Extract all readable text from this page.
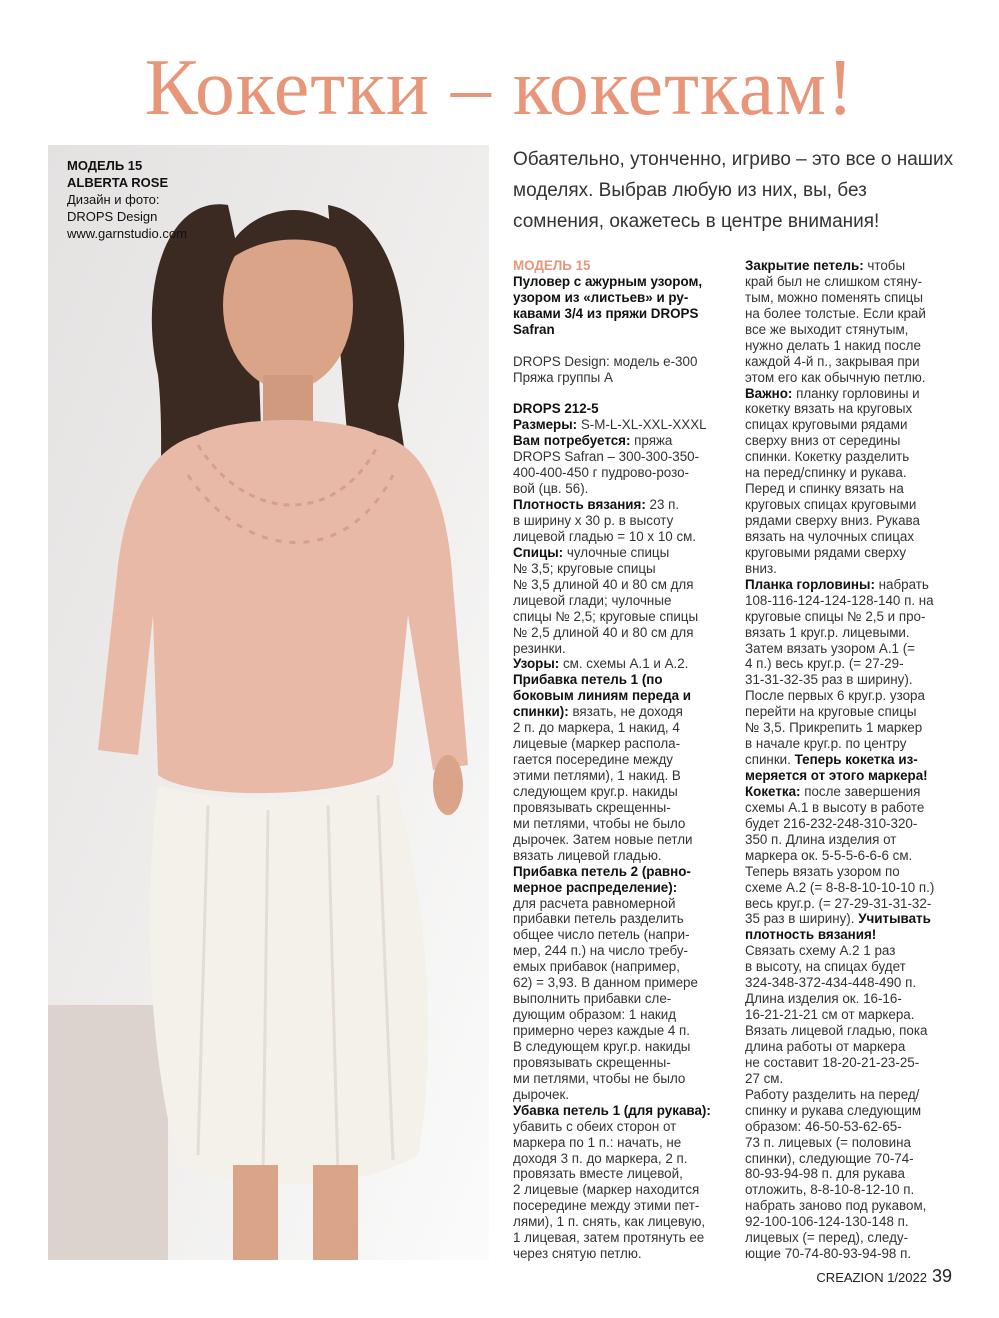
Кокетки – кокеткам!
МОДЕЛЬ 15
ALBERTA ROSE
Дизайн и фото:
DROPS Design
www.garnstudio.com
Обаятельно, утонченно, игриво – это все о наших моделях. Выбрав любую из них, вы, без сомнения, окажетесь в центре внимания!
МОДЕЛЬ 15
Пуловер с ажурным узором,
узором из «листьев» и ру-
кавами 3/4 из пряжи DROPS
Safran
DROPS Design: модель е-300
Пряжа группы А
DROPS 212-5
Размеры: S-M-L-XL-XXL-XXXL
Вам потребуется: пряжа
DROPS Safran – 300-300-350-
400-400-450 г пудрово-розо-
вой (цв. 56).
Плотность вязания: 23 п.
в ширину х 30 р. в высоту
лицевой гладью = 10 х 10 см.
Спицы: чулочные спицы
№ 3,5; круговые спицы
№ 3,5 длиной 40 и 80 см для
лицевой глади; чулочные
спицы № 2,5; круговые спицы
№ 2,5 длиной 40 и 80 см для
резинки.
Узоры: см. схемы А.1 и А.2.
Прибавка петель 1 (по
боковым линиям переда и
спинки): вязать, не доходя
2 п. до маркера, 1 накид, 4
лицевые (маркер распола-
гается посередине между
этими петлями), 1 накид. В
следующем круг.р. накиды
провязывать скрещенны-
ми петлями, чтобы не было
дырочек. Затем новые петли
вязать лицевой гладью.
Прибавка петель 2 (равно-
мерное распределение):
для расчета равномерной
прибавки петель разделить
общее число петель (напри-
мер, 244 п.) на число требу-
емых прибавок (например,
62) = 3,93. В данном примере
выполнить прибавки сле-
дующим образом: 1 накид
примерно через каждые 4 п.
В следующем круг.р. накиды
провязывать скрещенны-
ми петлями, чтобы не было
дырочек.
Убавка петель 1 (для рукава):
убавить с обеих сторон от
маркера по 1 п.: начать, не
доходя 3 п. до маркера, 2 п.
провязать вместе лицевой,
2 лицевые (маркер находится
посередине между этими пет-
лями), 1 п. снять, как лицевую,
1 лицевая, затем протянуть ее
через снятую петлю.
Закрытие петель: чтобы
край был не слишком стяну-
тым, можно поменять спицы
на более толстые. Если край
все же выходит стянутым,
нужно делать 1 накид после
каждой 4-й п., закрывая при
этом его как обычную петлю.
Важно: планку горловины и
кокетку вязать на круговых
спицах круговыми рядами
сверху вниз от середины
спинки. Кокетку разделить
на перед/спинку и рукава.
Перед и спинку вязать на
круговых спицах круговыми
рядами сверху вниз. Рукава
вязать на чулочных спицах
круговыми рядами сверху
вниз.
Планка горловины: набрать
108-116-124-124-128-140 п. на
круговые спицы № 2,5 и про-
вязать 1 круг.р. лицевыми.
Затем вязать узором А.1 (=
4 п.) весь круг.р. (= 27-29-
31-31-32-35 раз в ширину).
После первых 6 круг.р. узора
перейти на круговые спицы
№ 3,5. Прикрепить 1 маркер
в начале круг.р. по центру
спинки. Теперь кокетка из-
меряется от этого маркера!
Кокетка: после завершения
схемы А.1 в высоту в работе
будет 216-232-248-310-320-
350 п. Длина изделия от
маркера ок. 5-5-5-6-6-6 см.
Теперь вязать узором по
схеме А.2 (= 8-8-8-10-10-10 п.)
весь круг.р. (= 27-29-31-31-32-
35 раз в ширину). Учитывать
плотность вязания!
Связать схему А.2 1 раз
в высоту, на спицах будет
324-348-372-434-448-490 п.
Длина изделия ок. 16-16-
16-21-21-21 см от маркера.
Вязать лицевой гладью, пока
длина работы от маркера
не составит 18-20-21-23-25-
27 см.
Работу разделить на перед/
спинку и рукава следующим
образом: 46-50-53-62-65-
73 п. лицевых (= половина
спинки), следующие 70-74-
80-93-94-98 п. для рукава
отложить, 8-8-10-8-12-10 п.
набрать заново под рукавом,
92-100-106-124-130-148 п.
лицевых (= перед), следу-
ющие 70-74-80-93-94-98 п.
CREAZION 1/2022 39
